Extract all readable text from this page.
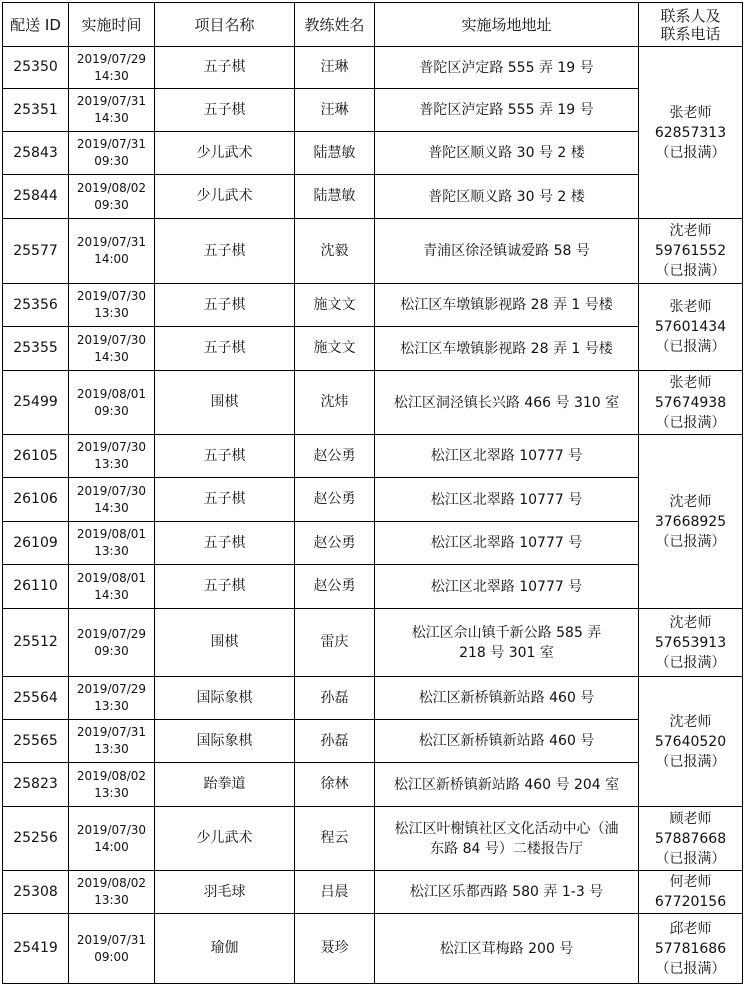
配送 ID	实施时间	项目名称	教练姓名	实施场地地址	联系人及
联系电话

25350	2019/07/29
14:30	五子棋	汪琳	普陀区泸定路 555 弄 19 号	张老师
62857313
（已报满）

25351	2019/07/31
14:30	五子棋	汪琳	普陀区泸定路 555 弄 19 号	

25843	2019/07/31
09:30	少儿武术	陆慧敏	普陀区顺义路 30 号 2 楼	

25844	2019/08/02
09:30	少儿武术	陆慧敏	普陀区顺义路 30 号 2 楼	

25577	2019/07/31
14:00	五子棋	沈毅	青浦区徐泾镇诚爱路 58 号	沈老师
59761552
（已报满）

25356	2019/07/30
13:30	五子棋	施文文	松江区车墩镇影视路 28 弄 1 号楼	张老师
57601434
（已报满）

25355	2019/07/30
14:30	五子棋	施文文	松江区车墩镇影视路 28 弄 1 号楼	

25499	2019/08/01
09:30	围棋	沈炜	松江区洞泾镇长兴路 466 号 310 室	张老师
57674938
（已报满）

26105	2019/07/30
13:30	五子棋	赵公勇	松江区北翠路 10777 号	沈老师
37668925
（已报满）

26106	2019/07/30
14:30	五子棋	赵公勇	松江区北翠路 10777 号	

26109	2019/08/01
13:30	五子棋	赵公勇	松江区北翠路 10777 号	

26110	2019/08/01
14:30	五子棋	赵公勇	松江区北翠路 10777 号	

25512	2019/07/29
09:30	围棋	雷庆	松江区佘山镇千新公路 585 弄
218 号 301 室	沈老师
57653913
（已报满）

25564	2019/07/29
13:30	国际象棋	孙磊	松江区新桥镇新站路 460 号	沈老师
57640520
（已报满）

25565	2019/07/31
13:30	国际象棋	孙磊	松江区新桥镇新站路 460 号	

25823	2019/08/02
13:30	跆拳道	徐林	松江区新桥镇新站路 460 号 204 室	

25256	2019/07/30
14:00	少儿武术	程云	松江区叶榭镇社区文化活动中心（浀
东路 84 号）二楼报告厅	顾老师
57887668
（已报满）

25308	2019/08/02
13:30	羽毛球	吕晨	松江区乐都西路 580 弄 1-3 号	何老师
67720156

25419	2019/07/31
09:00	瑜伽	聂珍	松江区茸梅路 200 号	邱老师
57781686
（已报满）
